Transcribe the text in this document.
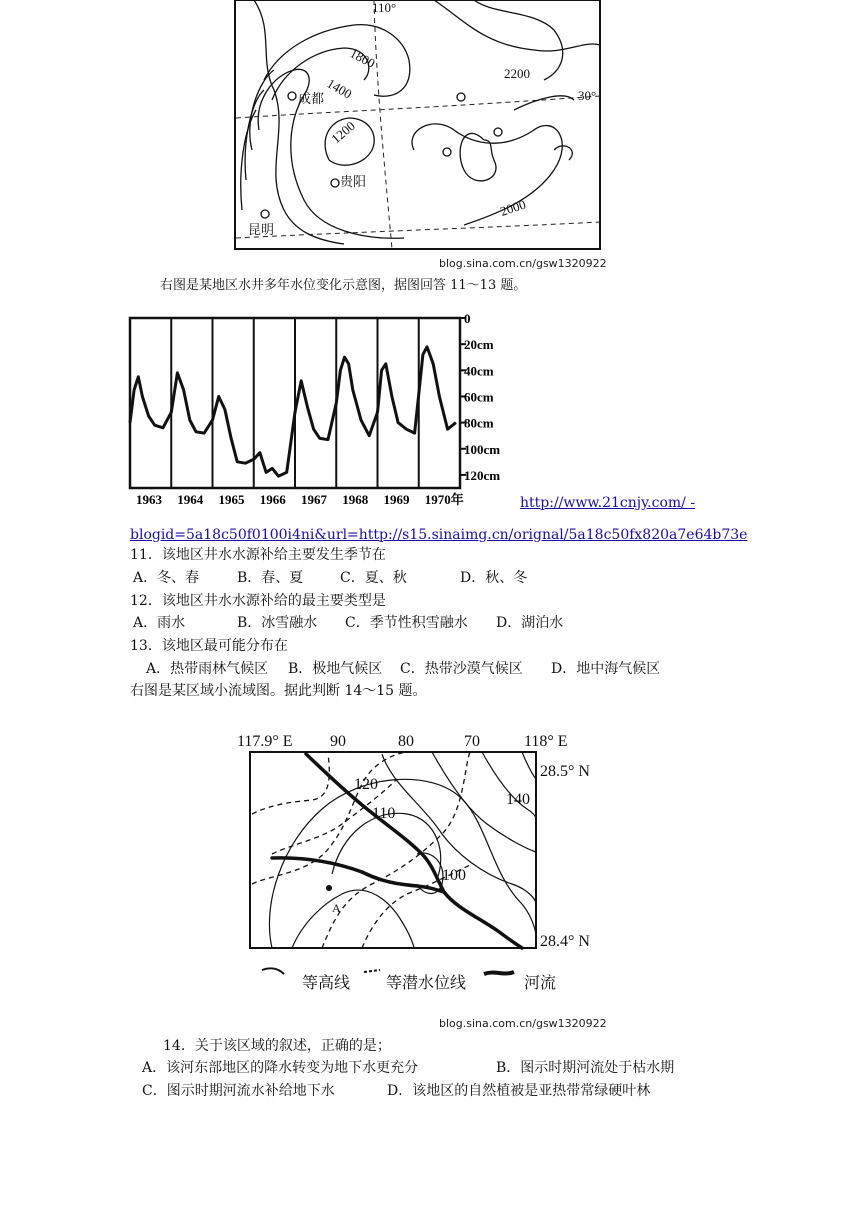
110°
30°
1800
1400
1200
2200
2000
成都
贵阳
昆明
blog.sina.com.cn/gsw1320922
右图是某地区水井多年水位变化示意图，据图回答 11～13 题。
0
20cm
40cm
60cm
80cm
100cm
120cm
1963 1964 1965 1966 1967 1968 1969 1970年	http://www.21cnjy.com/ -
blogid=5a18c50f0100i4ni&url=http://s15.sinaimg.cn/orignal/5a18c50fx820a7e64b73e
11．该地区井水水源补给主要发生季节在
A．冬、春	B．春、夏	C．夏、秋	D．秋、冬
12．该地区井水水源补给的最主要类型是
A．雨水	B．冰雪融水 C．季节性积雪融水 D．湖泊水
13．该地区最可能分布在
A．热带雨林气候区 B．极地气候区 C．热带沙漠气候区 D．地中海气候区
右图是某区域小流域图。据此判断 14～15 题。
117.9° E 90	80	70	118° E
28.5° N
28.4° N
120
110
100
140
A
等高线 等潜水位线	河流
blog.sina.com.cn/gsw1320922
14．关于该区域的叙述，正确的是；
A．该河东部地区的降水转变为地下水更充分	B．图示时期河流处于枯水期
C．图示时期河流水补给地下水	D．该地区的自然植被是亚热带常绿硬叶林
